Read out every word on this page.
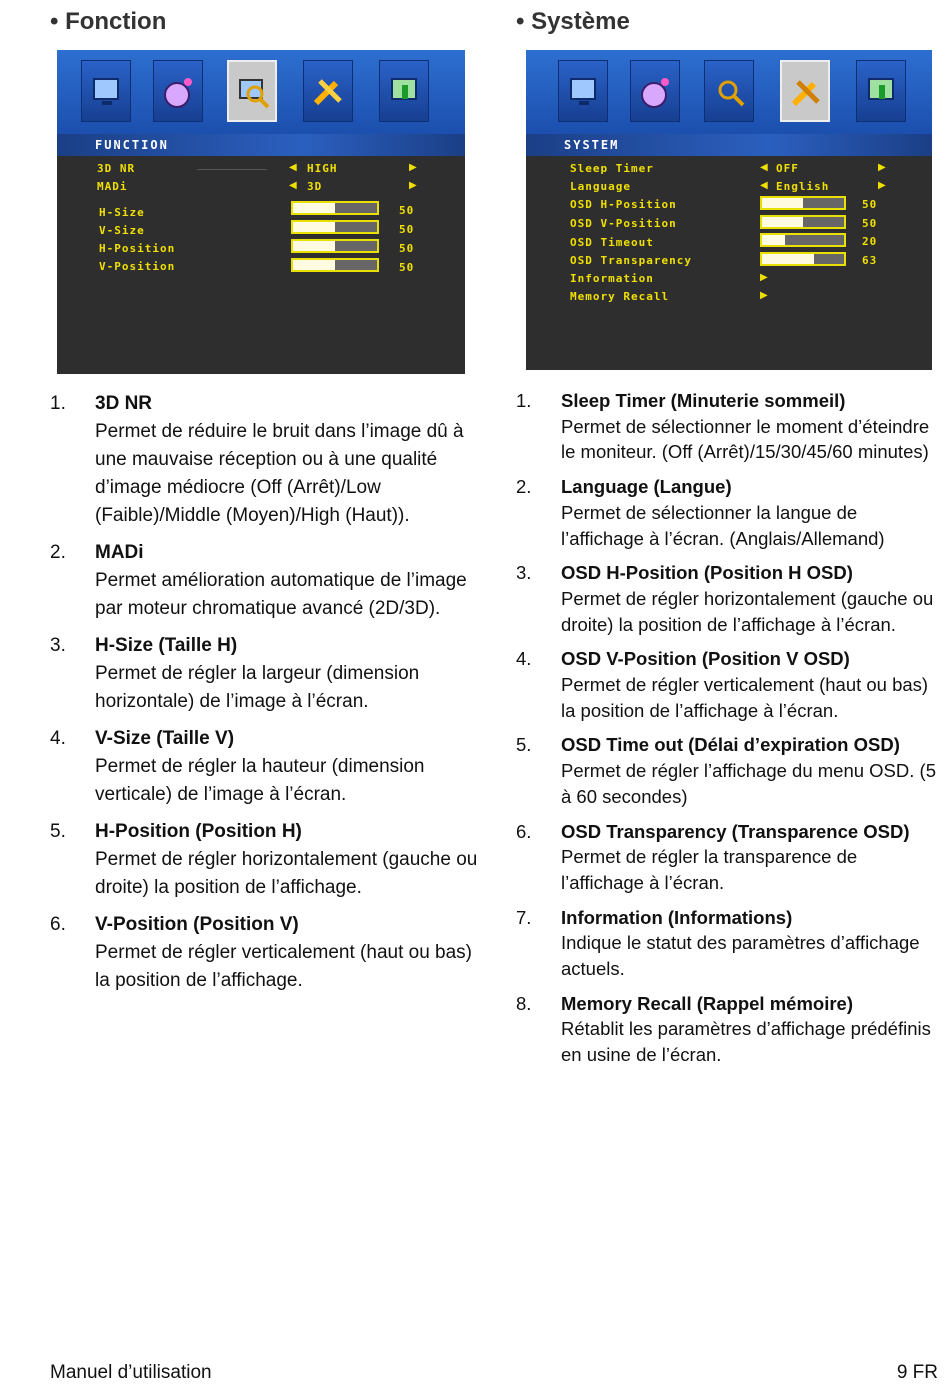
• Fonction	• Système
FUNCTION
3D NR	◀ HIGH	▶
MADi	◀ 3D	▶
H-Size	50
V-Size	50
H-Position	50
V-Position	50
SYSTEM
Sleep Timer	◀ OFF	▶
Language	◀ English	▶
OSD H-Position	50
OSD V-Position	50
OSD Timeout	20
OSD Transparency	63
Information	▶
Memory Recall	▶
1. 3D NR
Permet de réduire le bruit dans l’image dû à une mauvaise réception ou à une qualité d’image médiocre (Off (Arrêt)/Low (Faible)/Middle (Moyen)/High (Haut)).
2. MADi
Permet amélioration automatique de l’image par moteur chromatique avancé (2D/3D).
3. H-Size (Taille H)
Permet de régler la largeur (dimension horizontale) de l’image à l’écran.
4. V-Size (Taille V)
Permet de régler la hauteur (dimension verticale) de l’image à l’écran.
5. H-Position (Position H)
Permet de régler horizontalement (gauche ou droite) la position de l’affichage.
6. V-Position (Position V)
Permet de régler verticalement (haut ou bas) la position de l’affichage.
1. Sleep Timer (Minuterie sommeil)
Permet de sélectionner le moment d’éteindre le moniteur. (Off (Arrêt)/15/30/45/60 minutes)
2. Language (Langue)
Permet de sélectionner la langue de l’affichage à l’écran. (Anglais/Allemand)
3. OSD H-Position (Position H OSD)
Permet de régler horizontalement (gauche ou droite) la position de l’affichage à l’écran.
4. OSD V-Position (Position V OSD)
Permet de régler verticalement (haut ou bas) la position de l’affichage à l’écran.
5. OSD Time out (Délai d’expiration OSD)
Permet de régler l’affichage du menu OSD. (5 à 60 secondes)
6. OSD Transparency (Transparence OSD)
Permet de régler la transparence de l’affichage à l’écran.
7. Information (Informations)
Indique le statut des paramètres d’affichage actuels.
8. Memory Recall (Rappel mémoire)
Rétablit les paramètres d’affichage prédéfinis en usine de l’écran.
Manuel d’utilisation	9 FR
